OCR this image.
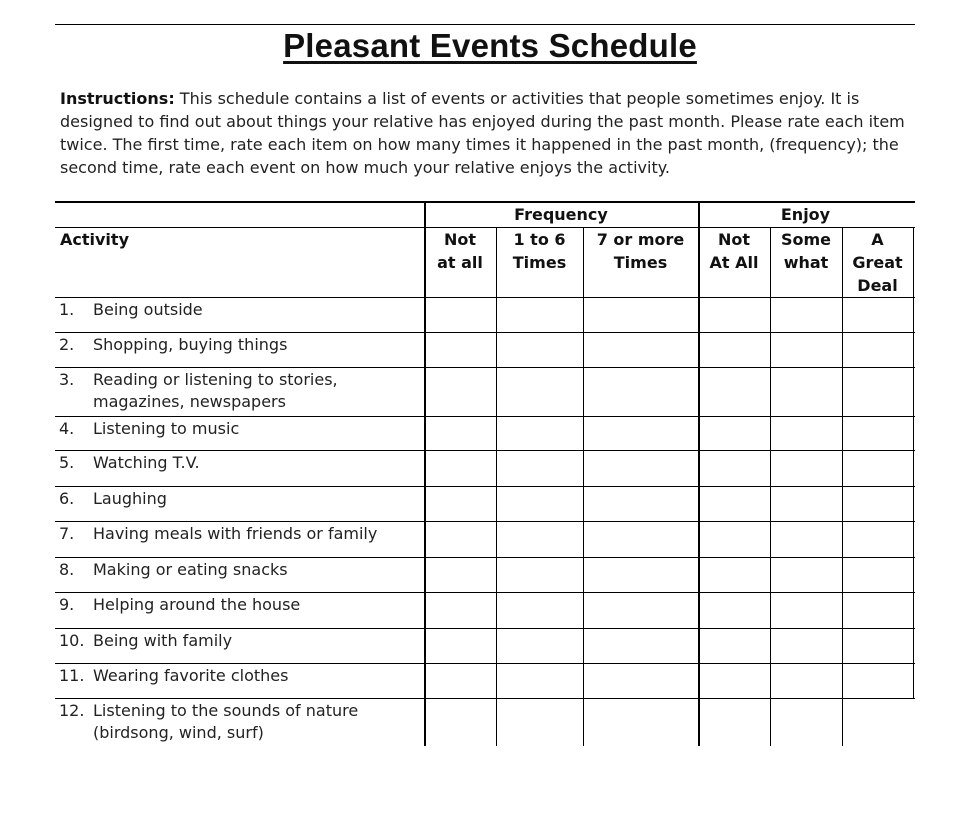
Pleasant Events Schedule
Instructions: This schedule contains a list of events or activities that people sometimes enjoy. It is designed to find out about things your relative has enjoyed during the past month. Please rate each item twice. The first time, rate each item on how many times it happened in the past month, (frequency); the second time, rate each event on how much your relative enjoys the activity.
Frequency	Enjoy
Activity	Not
at all
1 to 6
Times
7 or more
Times
Not
At All
Some
what
A
Great
Deal
1. Being outside
2. Shopping, buying things
3. Reading or listening to stories,
magazines, newspapers
4. Listening to music
5. Watching T.V.
6. Laughing
7. Having meals with friends or family
8. Making or eating snacks
9. Helping around the house
10. Being with family
11. Wearing favorite clothes
12. Listening to the sounds of nature
(birdsong, wind, surf)
